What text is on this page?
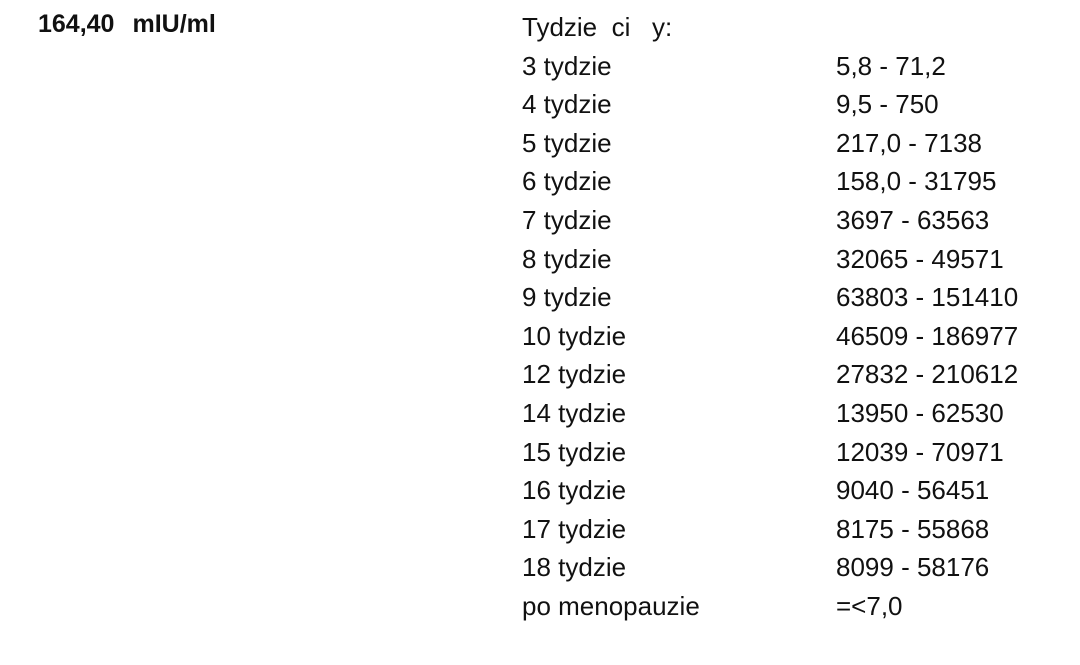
164,40 mIU/ml	Tydzie  ci   y:
3 tydzie	5,8 - 71,2
4 tydzie	9,5 - 750
5 tydzie	217,0 - 7138
6 tydzie	158,0 - 31795
7 tydzie	3697 - 63563
8 tydzie	32065 - 49571
9 tydzie	63803 - 151410
10 tydzie	46509 - 186977
12 tydzie	27832 - 210612
14 tydzie	13950 - 62530
15 tydzie	12039 - 70971
16 tydzie	9040 - 56451
17 tydzie	8175 - 55868
18 tydzie	8099 - 58176
po menopauzie	=<7,0
